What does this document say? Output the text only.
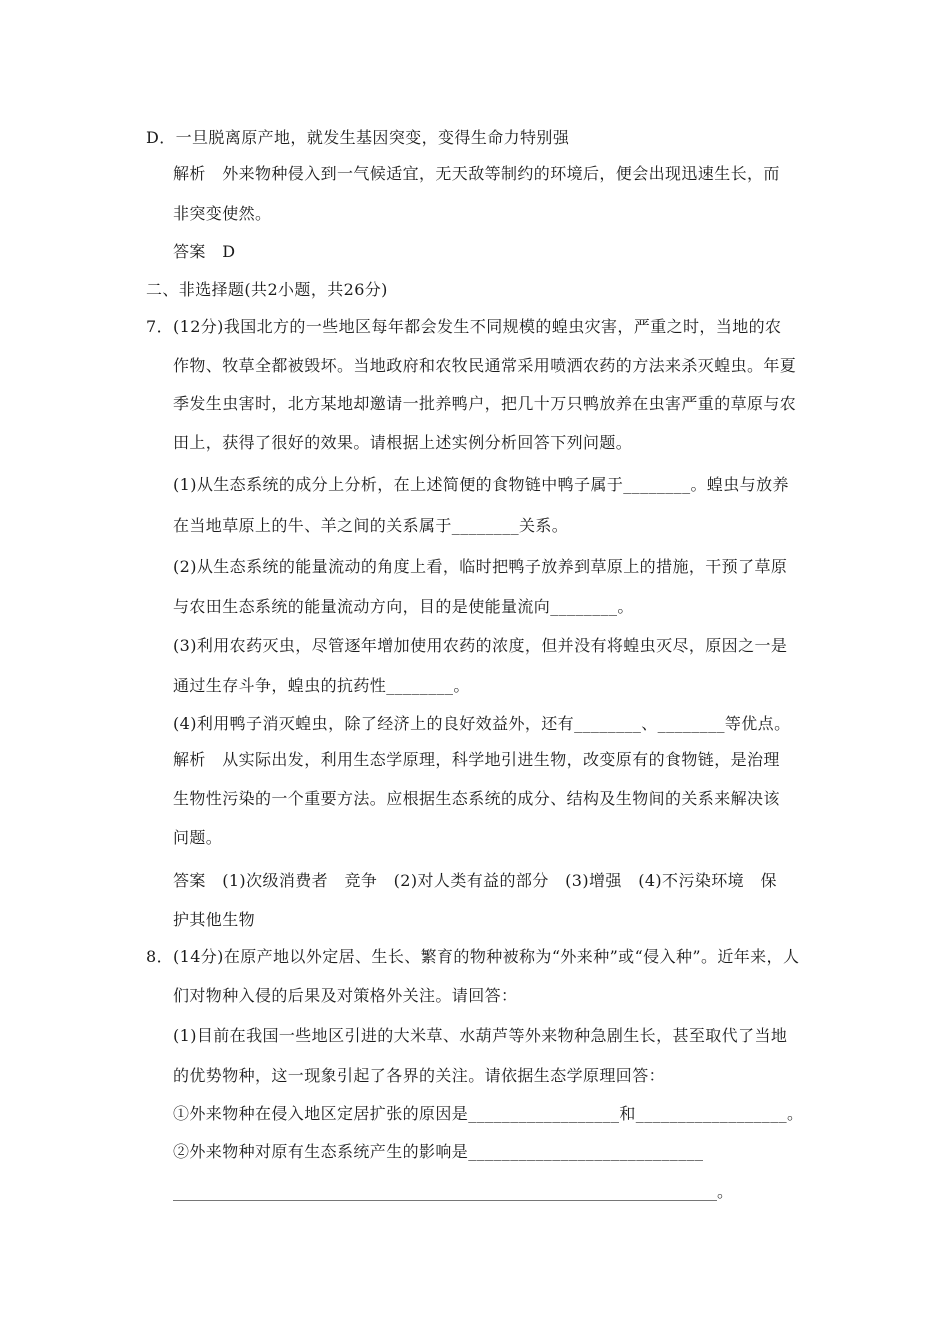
D．一旦脱离原产地，就发生基因突变，变得生命力特别强
解析　外来物种侵入到一气候适宜，无天敌等制约的环境后，便会出现迅速生长，而
非突变使然。
答案　D
二、非选择题(共2小题，共26分)
7．(12分)我国北方的一些地区每年都会发生不同规模的蝗虫灾害，严重之时，当地的农
作物、牧草全都被毁坏。当地政府和农牧民通常采用喷洒农药的方法来杀灭蝗虫。年夏
季发生虫害时，北方某地却邀请一批养鸭户，把几十万只鸭放养在虫害严重的草原与农
田上，获得了很好的效果。请根据上述实例分析回答下列问题。
(1)从生态系统的成分上分析，在上述简便的食物链中鸭子属于________。蝗虫与放养
在当地草原上的牛、羊之间的关系属于________关系。
(2)从生态系统的能量流动的角度上看，临时把鸭子放养到草原上的措施，干预了草原
与农田生态系统的能量流动方向，目的是使能量流向________。
(3)利用农药灭虫，尽管逐年增加使用农药的浓度，但并没有将蝗虫灭尽，原因之一是
通过生存斗争，蝗虫的抗药性________。
(4)利用鸭子消灭蝗虫，除了经济上的良好效益外，还有________、________等优点。
解析　从实际出发，利用生态学原理，科学地引进生物，改变原有的食物链，是治理
生物性污染的一个重要方法。应根据生态系统的成分、结构及生物间的关系来解决该
问题。
答案　(1)次级消费者　竞争　(2)对人类有益的部分　(3)增强　(4)不污染环境　保
护其他生物
8．(14分)在原产地以外定居、生长、繁育的物种被称为“外来种”或“侵入种”。近年来，人
们对物种入侵的后果及对策格外关注。请回答：
(1)目前在我国一些地区引进的大米草、水葫芦等外来物种急剧生长，甚至取代了当地
的优势物种，这一现象引起了各界的关注。请依据生态学原理回答：
①外来物种在侵入地区定居扩张的原因是__________________和__________________。
②外来物种对原有生态系统产生的影响是____________________________
____________________________________________________________________。
